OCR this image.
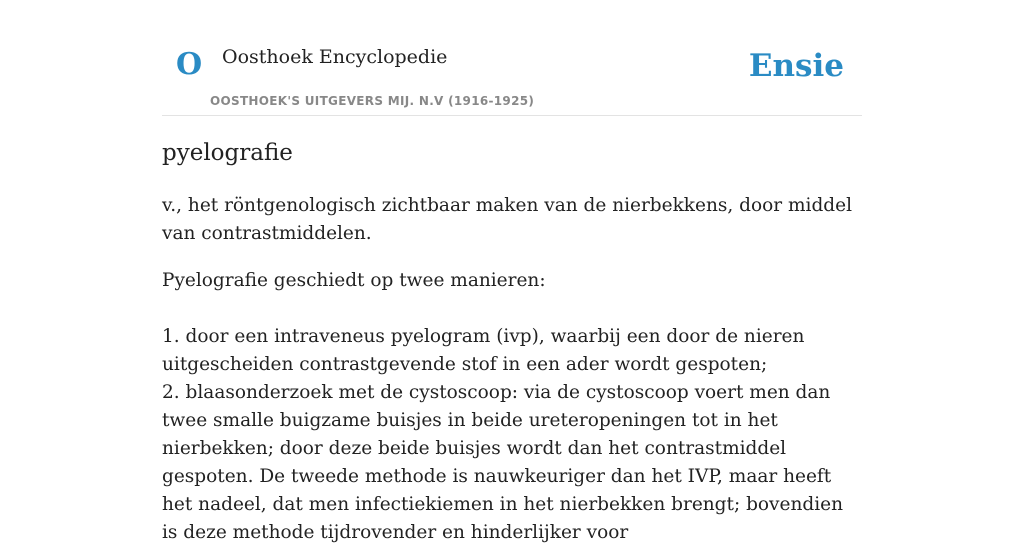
O Oosthoek Encyclopedie
OOSTHOEK'S UITGEVERS MIJ. N.V (1916-1925)
Ensie
pyelografie
v., het röntgenologisch zichtbaar maken van de nierbekkens, door middel van contrastmiddelen.
Pyelografie geschiedt op twee manieren:
1. door een intraveneus pyelogram (ivp), waarbij een door de nieren uitgescheiden contrastgevende stof in een ader wordt gespoten;
2. blaasonderzoek met de cystoscoop: via de cystoscoop voert men dan twee smalle buigzame buisjes in beide ureteropeningen tot in het nierbekken; door deze beide buisjes wordt dan het contrastmiddel gespoten. De tweede methode is nauwkeuriger dan het IVP, maar heeft het nadeel, dat men infectiekiemen in het nierbekken brengt; bovendien is deze methode tijdrovender en hinderlijker voor
